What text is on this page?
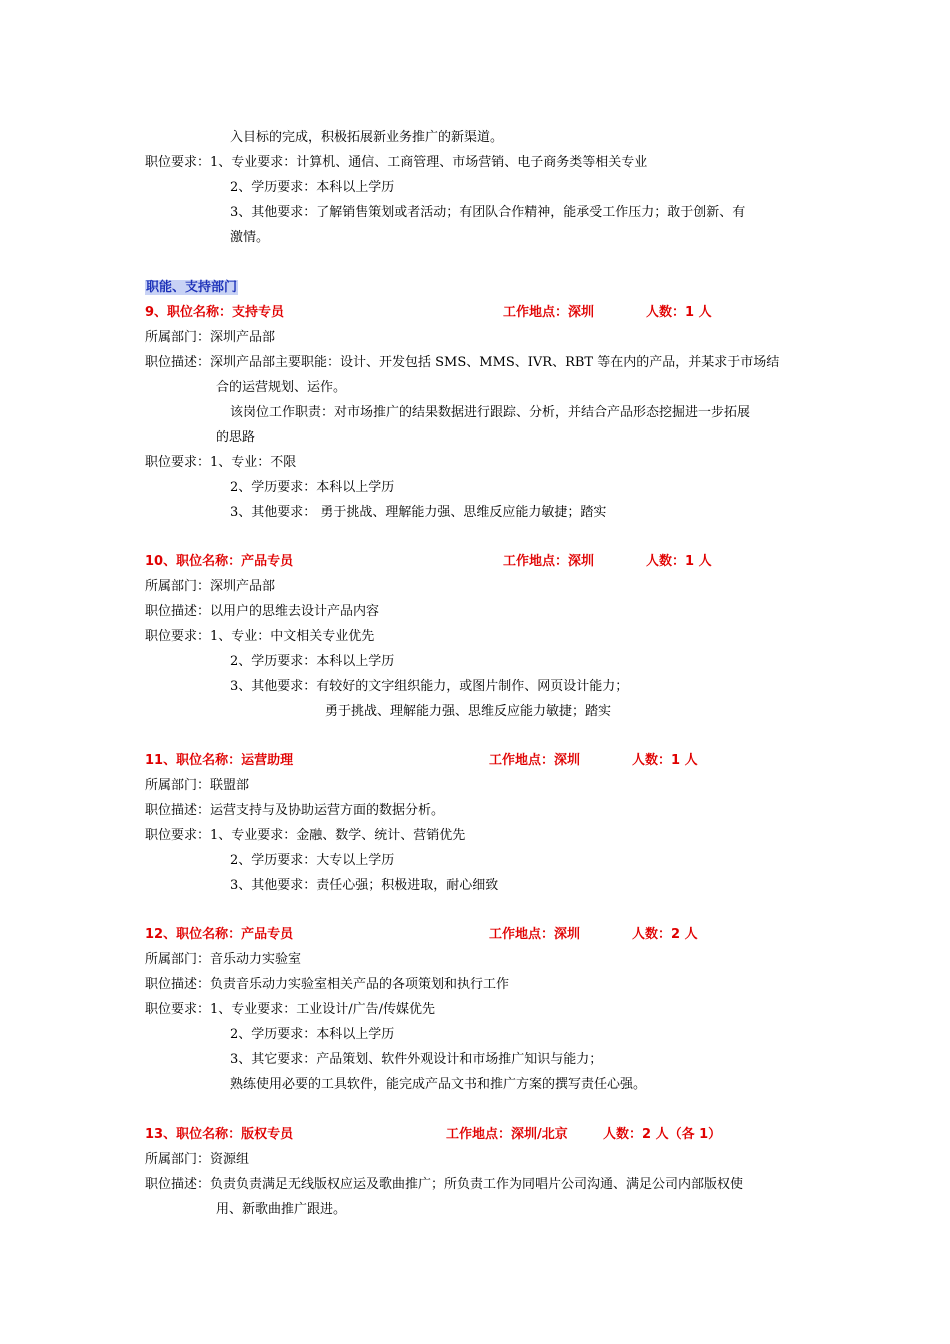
入目标的完成，积极拓展新业务推广的新渠道。
职位要求：1、专业要求：计算机、通信、工商管理、市场营销、电子商务类等相关专业
2、学历要求：本科以上学历
3、其他要求：了解销售策划或者活动；有团队合作精神，能承受工作压力；敢于创新、有
激情。
职能、支持部门
9、职位名称：支持专员	工作地点：深圳	人数：1 人
所属部门：深圳产品部
职位描述：深圳产品部主要职能：设计、开发包括 SMS、MMS、IVR、RBT 等在内的产品，并某求于市场结
合的运营规划、运作。
该岗位工作职责：对市场推广的结果数据进行跟踪、分析，并结合产品形态挖掘进一步拓展
的思路
职位要求：1、专业：不限
2、学历要求：本科以上学历
3、其他要求： 勇于挑战、理解能力强、思维反应能力敏捷；踏实
10、职位名称：产品专员	工作地点：深圳	人数：1 人
所属部门：深圳产品部
职位描述：以用户的思维去设计产品内容
职位要求：1、专业：中文相关专业优先
2、学历要求：本科以上学历
3、其他要求：有较好的文字组织能力，或图片制作、网页设计能力；
勇于挑战、理解能力强、思维反应能力敏捷；踏实
11、职位名称：运营助理	工作地点：深圳	人数：1 人
所属部门：联盟部
职位描述：运营支持与及协助运营方面的数据分析。
职位要求：1、专业要求：金融、数学、统计、营销优先
2、学历要求：大专以上学历
3、其他要求：责任心强；积极进取，耐心细致
12、职位名称：产品专员	工作地点：深圳	人数：2 人
所属部门：音乐动力实验室
职位描述：负责音乐动力实验室相关产品的各项策划和执行工作
职位要求：1、专业要求：工业设计/广告/传媒优先
2、学历要求：本科以上学历
3、其它要求：产品策划、软件外观设计和市场推广知识与能力；
熟练使用必要的工具软件，能完成产品文书和推广方案的撰写责任心强。
13、职位名称：版权专员	工作地点：深圳/北京	人数：2 人（各 1）
所属部门：资源组
职位描述：负责负责满足无线版权应运及歌曲推广；所负责工作为同唱片公司沟通、满足公司内部版权使
用、新歌曲推广跟进。
